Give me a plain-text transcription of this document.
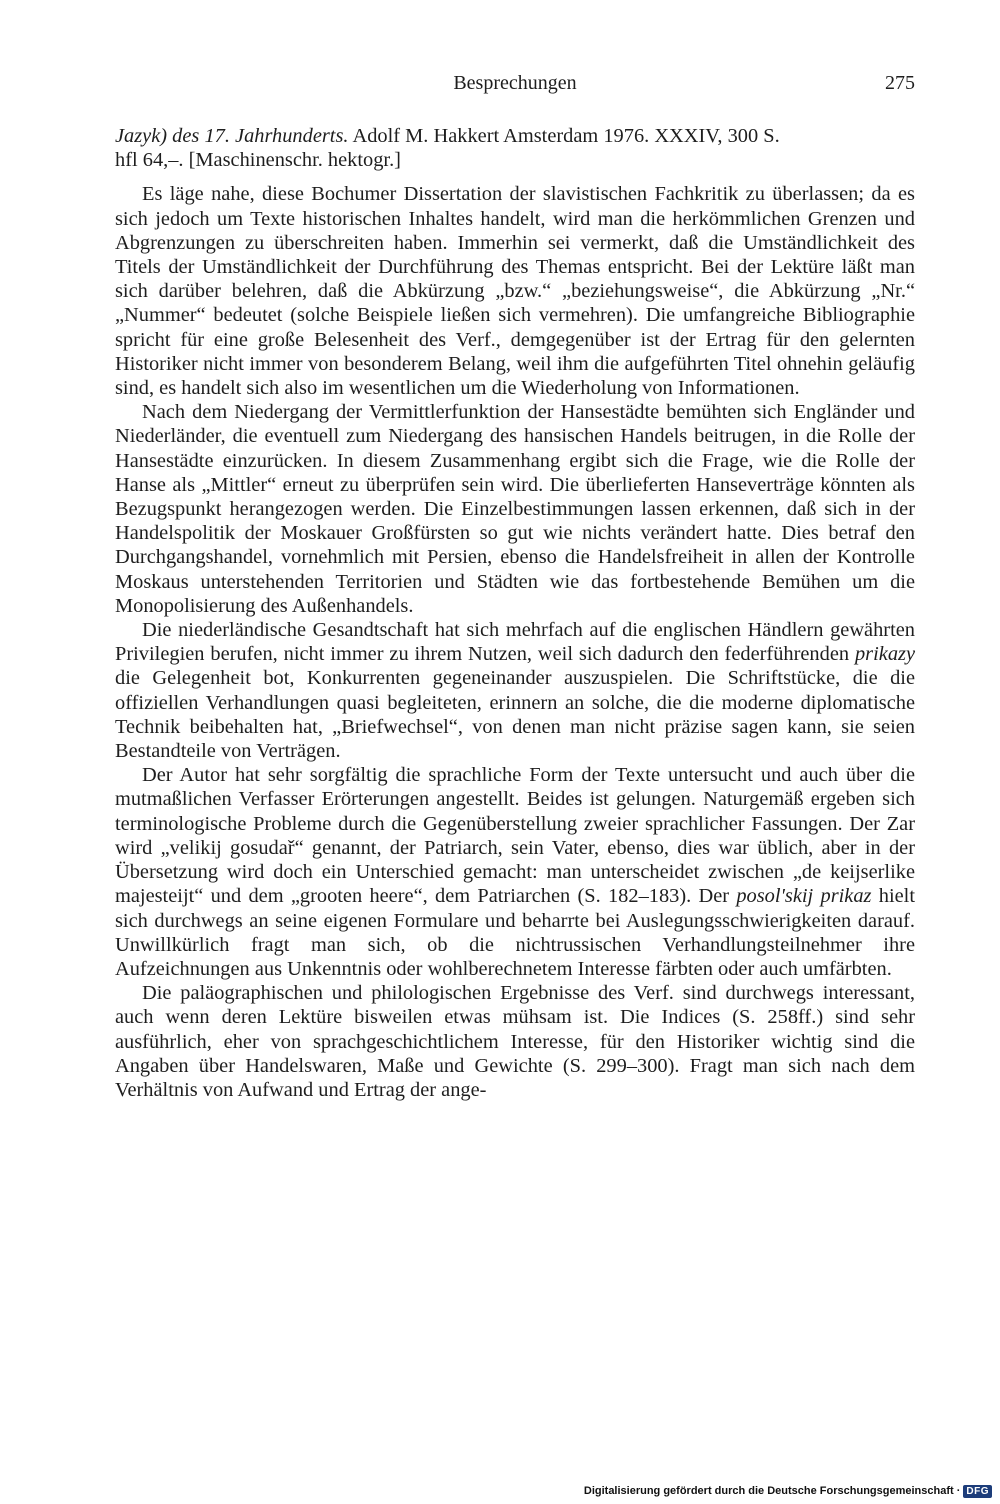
Besprechungen	275

Jazyk) des 17. Jahrhunderts. Adolf M. Hakkert Amsterdam 1976. XXXIV, 300 S.
hfl 64,–. [Maschinenschr. hektogr.]

Es läge nahe, diese Bochumer Dissertation der slavistischen Fachkritik zu überlassen; da es sich jedoch um Texte historischen Inhaltes handelt, wird man die herkömmlichen Grenzen und Abgrenzungen zu überschreiten haben. Immerhin sei vermerkt, daß die Umständlichkeit des Titels der Umständlichkeit der Durchführung des Themas entspricht. Bei der Lektüre läßt man sich darüber belehren, daß die Abkürzung „bzw.“ „beziehungsweise“, die Abkürzung „Nr.“ „Nummer“ bedeutet (solche Beispiele ließen sich vermehren). Die umfangreiche Bibliographie spricht für eine große Belesenheit des Verf., demgegenüber ist der Ertrag für den gelernten Historiker nicht immer von besonderem Belang, weil ihm die aufgeführten Titel ohnehin geläufig sind, es handelt sich also im wesentlichen um die Wiederholung von Informationen.

Nach dem Niedergang der Vermittlerfunktion der Hansestädte bemühten sich Engländer und Niederländer, die eventuell zum Niedergang des hansischen Handels beitrugen, in die Rolle der Hansestädte einzurücken. In diesem Zusammenhang ergibt sich die Frage, wie die Rolle der Hanse als „Mittler“ erneut zu überprüfen sein wird. Die überlieferten Hanseverträge könnten als Bezugspunkt herangezogen werden. Die Einzelbestimmungen lassen erkennen, daß sich in der Handelspolitik der Moskauer Großfürsten so gut wie nichts verändert hatte. Dies betraf den Durchgangshandel, vornehmlich mit Persien, ebenso die Handelsfreiheit in allen der Kontrolle Moskaus unterstehenden Territorien und Städten wie das fortbestehende Bemühen um die Monopolisierung des Außenhandels.

Die niederländische Gesandtschaft hat sich mehrfach auf die englischen Händlern gewährten Privilegien berufen, nicht immer zu ihrem Nutzen, weil sich dadurch den federführenden prikazy die Gelegenheit bot, Konkurrenten gegeneinander auszuspielen. Die Schriftstücke, die die offiziellen Verhandlungen quasi begleiteten, erinnern an solche, die die moderne diplomatische Technik beibehalten hat, „Briefwechsel“, von denen man nicht präzise sagen kann, sie seien Bestandteile von Verträgen.

Der Autor hat sehr sorgfältig die sprachliche Form der Texte untersucht und auch über die mutmaßlichen Verfasser Erörterungen angestellt. Beides ist gelungen. Naturgemäß ergeben sich terminologische Probleme durch die Gegenüberstellung zweier sprachlicher Fassungen. Der Zar wird „velikij gosudař“ genannt, der Patriarch, sein Vater, ebenso, dies war üblich, aber in der Übersetzung wird doch ein Unterschied gemacht: man unterscheidet zwischen „de keijserlike majesteijt“ und dem „grooten heere“, dem Patriarchen (S. 182–183). Der posol'skij prikaz hielt sich durchwegs an seine eigenen Formulare und beharrte bei Auslegungsschwierigkeiten darauf. Unwillkürlich fragt man sich, ob die nichtrussischen Verhandlungsteilnehmer ihre Aufzeichnungen aus Unkenntnis oder wohlberechnetem Interesse färbten oder auch umfärbten.

Die paläographischen und philologischen Ergebnisse des Verf. sind durchwegs interessant, auch wenn deren Lektüre bisweilen etwas mühsam ist. Die Indices (S. 258ff.) sind sehr ausführlich, eher von sprachgeschichtlichem Interesse, für den Historiker wichtig sind die Angaben über Handelswaren, Maße und Gewichte (S. 299–300). Fragt man sich nach dem Verhältnis von Aufwand und Ertrag der ange-

Digitalisierung gefördert durch die Deutsche Forschungsgemeinschaft · DFG
